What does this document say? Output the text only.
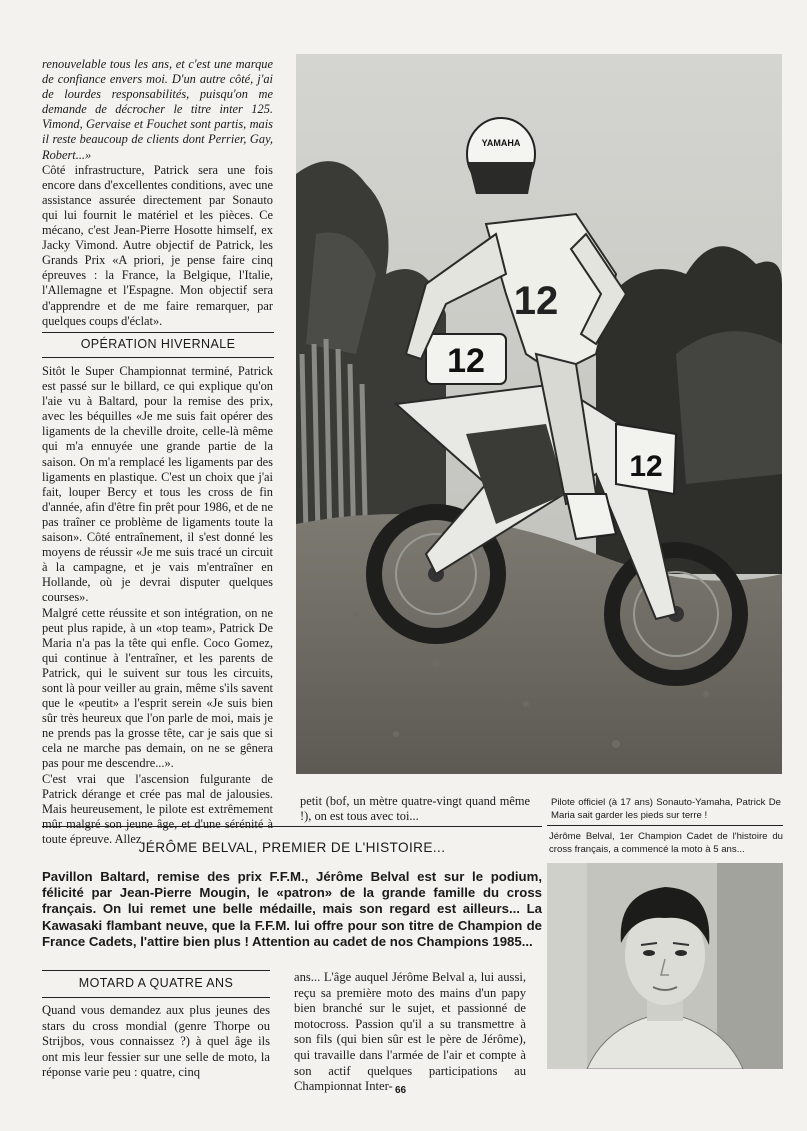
renouvelable tous les ans, et c'est une marque de confiance envers moi. D'un autre côté, j'ai de lourdes responsabilités, puisqu'on me demande de décrocher le titre inter 125. Vimond, Gervaise et Fouchet sont partis, mais il reste beaucoup de clients dont Perrier, Gay, Robert...»

Côté infrastructure, Patrick sera une fois encore dans d'excellentes conditions, avec une assistance assurée directement par Sonauto qui lui fournit le matériel et les pièces. Ce mécano, c'est Jean-Pierre Hosotte himself, ex Jacky Vimond. Autre objectif de Patrick, les Grands Prix «A priori, je pense faire cinq épreuves : la France, la Belgique, l'Italie, l'Allemagne et l'Espagne. Mon objectif sera d'apprendre et de me faire remarquer, par quelques coups d'éclat».

OPÉRATION HIVERNALE

Sitôt le Super Championnat terminé, Patrick est passé sur le billard, ce qui explique qu'on l'aie vu à Baltard, pour la remise des prix, avec les béquilles «Je me suis fait opérer des ligaments de la cheville droite, celle-là même qui m'a ennuyée une grande partie de la saison. On m'a remplacé les ligaments par des ligaments en plastique. C'est un choix que j'ai fait, louper Bercy et tous les cross de fin d'année, afin d'être fin prêt pour 1986, et de ne pas traîner ce problème de ligaments toute la saison». Côté entraînement, il s'est donné les moyens de réussir «Je me suis tracé un circuit à la campagne, et je vais m'entraîner en Hollande, où je devrai disputer quelques courses».

Malgré cette réussite et son intégration, on ne peut plus rapide, à un «top team», Patrick De Maria n'a pas la tête qui enfle. Coco Gomez, qui continue à l'entraîner, et les parents de Patrick, qui le suivent sur tous les circuits, sont là pour veiller au grain, même s'ils savent que le «peutit» a l'esprit serein «Je suis bien sûr très heureux que l'on parle de moi, mais je ne prends pas la grosse tête, car je sais que si cela ne marche pas demain, on ne se gênera pas pour me descendre...».

C'est vrai que l'ascension fulgurante de Patrick dérange et crée pas mal de jalousies. Mais heureusement, le pilote est extrêmement mûr malgré son jeune âge, et d'une sérénité à toute épreuve. Allez

12
12
YAMAHA
12
petit (bof, un mètre quatre-vingt quand même !), on est tous avec toi...
Pilote officiel (à 17 ans) Sonauto-Yamaha, Patrick De Maria sait garder les pieds sur terre !
Jérôme Belval, 1er Champion Cadet de l'histoire du cross français, a commencé la moto à 5 ans...
JÉRÔME BELVAL, PREMIER DE L'HISTOIRE...
Pavillon Baltard, remise des prix F.F.M., Jérôme Belval est sur le podium, félicité par Jean-Pierre Mougin, le «patron» de la grande famille du cross français. On lui remet une belle médaille, mais son regard est ailleurs... La Kawasaki flambant neuve, que la F.F.M. lui offre pour son titre de Champion de France Cadets, l'attire bien plus ! Attention au cadet de nos Champions 1985...
MOTARD A QUATRE ANS
Quand vous demandez aux plus jeunes des stars du cross mondial (genre Thorpe ou Strijbos, vous connaissez ?) à quel âge ils ont mis leur fessier sur une selle de moto, la réponse varie peu : quatre, cinq
ans... L'âge auquel Jérôme Belval a, lui aussi, reçu sa première moto des mains d'un papy bien branché sur le sujet, et passionné de motocross. Passion qu'il a su transmettre à son fils (qui bien sûr est le père de Jérôme), qui travaille dans l'armée de l'air et compte à son actif quelques participations au Championnat Inter- 66
